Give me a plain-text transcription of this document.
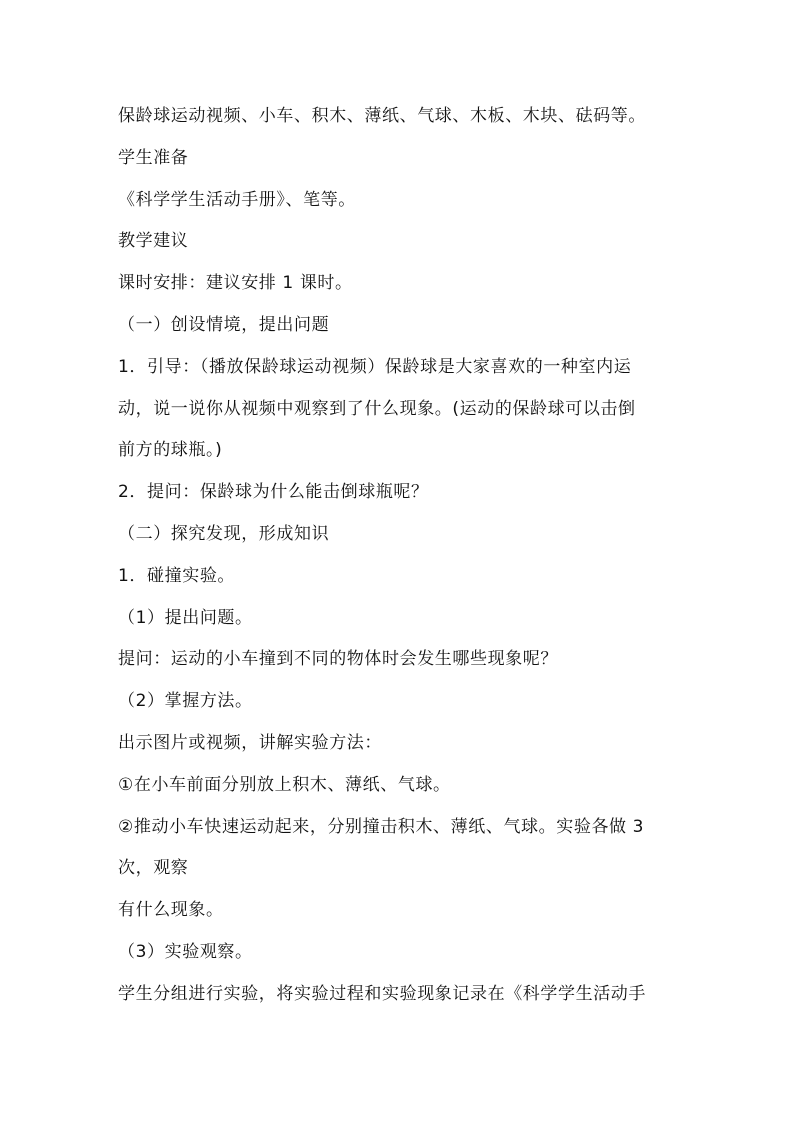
保龄球运动视频、小车、积木、薄纸、气球、木板、木块、砝码等。
学生准备
《科学学生活动手册》、笔等。
教学建议
课时安排：建议安排 1 课时。
（一）创设情境，提出问题
1．引导：（播放保龄球运动视频）保龄球是大家喜欢的一种室内运
动，说一说你从视频中观察到了什么现象。(运动的保龄球可以击倒
前方的球瓶。)
2．提问：保龄球为什么能击倒球瓶呢？
（二）探究发现，形成知识
1．碰撞实验。
（1）提出问题。
提问：运动的小车撞到不同的物体时会发生哪些现象呢？
（2）掌握方法。
出示图片或视频，讲解实验方法：
①在小车前面分别放上积木、薄纸、气球。
②推动小车快速运动起来，分别撞击积木、薄纸、气球。实验各做 3
次，观察
有什么现象。
（3）实验观察。
学生分组进行实验，将实验过程和实验现象记录在《科学学生活动手
